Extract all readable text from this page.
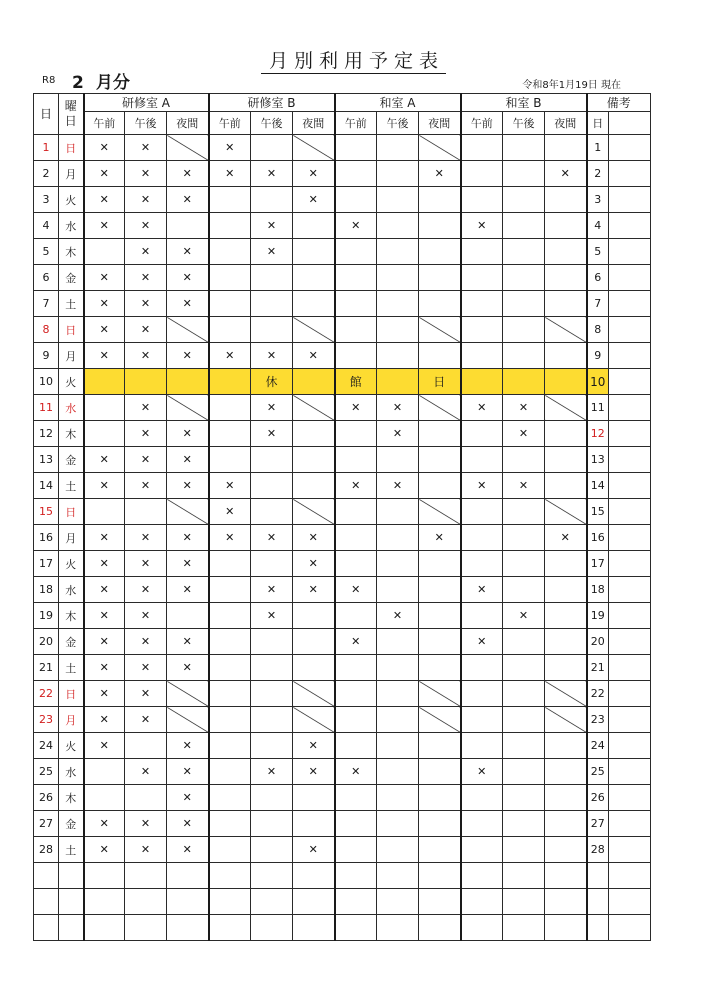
月別利用予定表
R8 2 月分	令和8年1月19日 現在
日	曜日	研修室 A			研修室 B			和室 A			和室 B			備考	
		午前	午後	夜間	午前	午後	夜間	午前	午後	夜間	午前	午後	夜間	日	
1	日	✕	✕		✕									1	
2	月	✕	✕	✕	✕	✕	✕			✕			✕	2	
3	火	✕	✕	✕			✕							3	
4	水	✕	✕			✕		✕			✕			4	
5	木		✕	✕		✕								5	
6	金	✕	✕	✕										6	
7	土	✕	✕	✕										7	
8	日	✕	✕											8	
9	月	✕	✕	✕	✕	✕	✕							9	
10	火					休		館		日				10	
11	水		✕			✕		✕	✕		✕	✕		11	
12	木		✕	✕		✕			✕			✕		12	
13	金	✕	✕	✕										13	
14	土	✕	✕	✕	✕			✕	✕		✕	✕		14	
15	日				✕									15	
16	月	✕	✕	✕	✕	✕	✕			✕			✕	16	
17	火	✕	✕	✕			✕							17	
18	水	✕	✕	✕		✕	✕	✕			✕			18	
19	木	✕	✕			✕			✕			✕		19	
20	金	✕	✕	✕				✕			✕			20	
21	土	✕	✕	✕										21	
22	日	✕	✕											22	
23	月	✕	✕											23	
24	火	✕		✕			✕							24	
25	水		✕	✕		✕	✕	✕			✕			25	
26	木			✕										26	
27	金	✕	✕	✕										27	
28	土	✕	✕	✕			✕							28	
